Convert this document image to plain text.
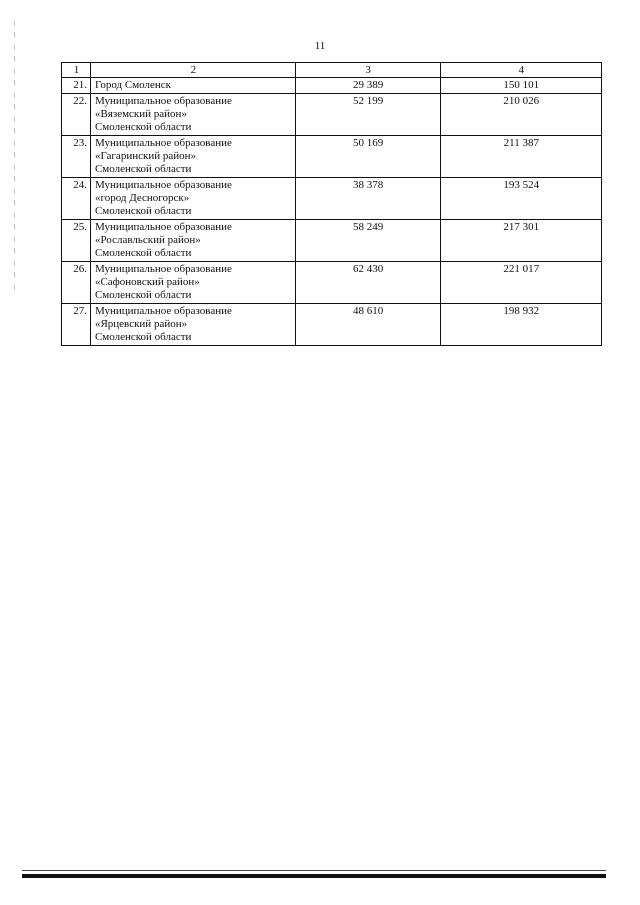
11
1	2	3	4
21.	Город Смоленск	29 389	150 101
22.	Муниципальное образование
«Вяземский район»
Смоленской области	52 199	210 026
23.	Муниципальное образование
«Гагаринский район»
Смоленской области	50 169	211 387
24.	Муниципальное образование
«город Десногорск»
Смоленской области	38 378	193 524
25.	Муниципальное образование
«Рославльский район»
Смоленской области	58 249	217 301
26.	Муниципальное образование
«Сафоновский район»
Смоленской области	62 430	221 017
27.	Муниципальное образование
«Ярцевский район»
Смоленской области	48 610	198 932
